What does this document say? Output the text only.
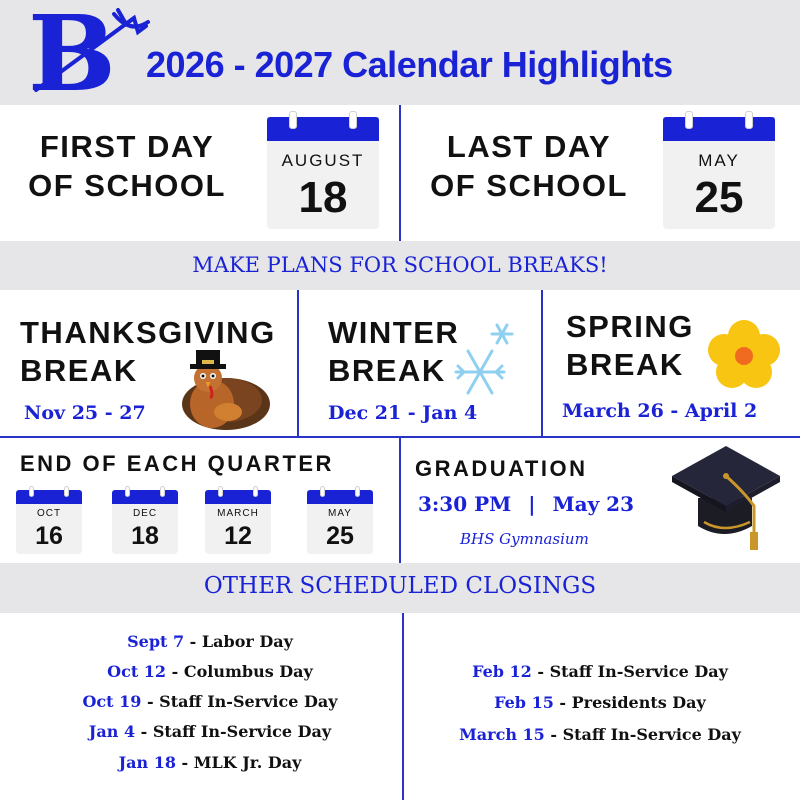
B 2026 - 2027 Calendar Highlights
FIRST DAY
OF SCHOOL
AUGUST
18
LAST DAY
OF SCHOOL
MAY
25
MAKE PLANS FOR SCHOOL BREAKS!
THANKSGIVING
BREAK
Nov 25 - 27
WINTER
BREAK
Dec 21 - Jan 4
SPRING
BREAK
March 26 - April 2
END OF EACH QUARTER
OCT
16
DEC
18
MARCH
12
MAY
25
GRADUATION
3:30 PM | May 23
BHS Gymnasium
OTHER SCHEDULED CLOSINGS
Sept 7 - Labor Day
Oct 12 - Columbus Day
Oct 19 - Staff In-Service Day
Jan 4 - Staff In-Service Day
Jan 18 - MLK Jr. Day
Feb 12 - Staff In-Service Day
Feb 15 - Presidents Day
March 15 - Staff In-Service Day
